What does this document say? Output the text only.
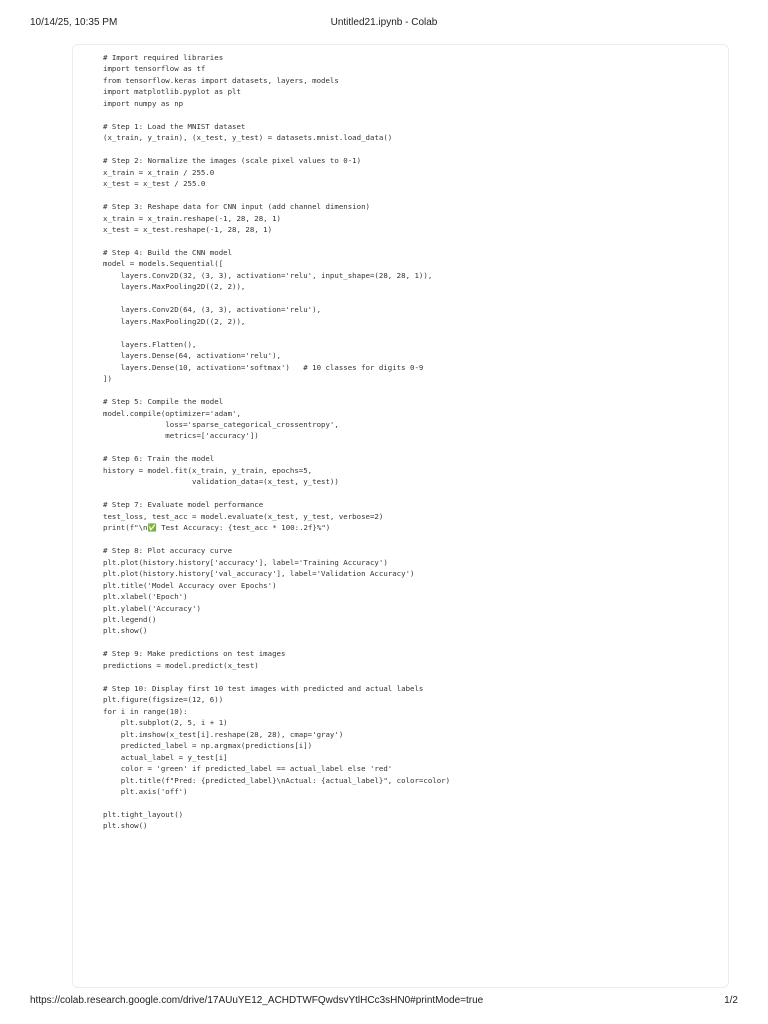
10/14/25, 10:35 PM	Untitled21.ipynb - Colab
# Import required libraries
import tensorflow as tf
from tensorflow.keras import datasets, layers, models
import matplotlib.pyplot as plt
import numpy as np

# Step 1: Load the MNIST dataset
(x_train, y_train), (x_test, y_test) = datasets.mnist.load_data()

# Step 2: Normalize the images (scale pixel values to 0-1)
x_train = x_train / 255.0
x_test = x_test / 255.0

# Step 3: Reshape data for CNN input (add channel dimension)
x_train = x_train.reshape(-1, 28, 28, 1)
x_test = x_test.reshape(-1, 28, 28, 1)

# Step 4: Build the CNN model
model = models.Sequential([
layers.Conv2D(32, (3, 3), activation='relu', input_shape=(28, 28, 1)),
layers.MaxPooling2D((2, 2)),

layers.Conv2D(64, (3, 3), activation='relu'),
layers.MaxPooling2D((2, 2)),

layers.Flatten(),
layers.Dense(64, activation='relu'),
layers.Dense(10, activation='softmax')   # 10 classes for digits 0-9
])

# Step 5: Compile the model
model.compile(optimizer='adam',
loss='sparse_categorical_crossentropy',
metrics=['accuracy'])

# Step 6: Train the model
history = model.fit(x_train, y_train, epochs=5,
validation_data=(x_test, y_test))

# Step 7: Evaluate model performance
test_loss, test_acc = model.evaluate(x_test, y_test, verbose=2)
print(f"\n✅ Test Accuracy: {test_acc * 100:.2f}%")

# Step 8: Plot accuracy curve
plt.plot(history.history['accuracy'], label='Training Accuracy')
plt.plot(history.history['val_accuracy'], label='Validation Accuracy')
plt.title('Model Accuracy over Epochs')
plt.xlabel('Epoch')
plt.ylabel('Accuracy')
plt.legend()
plt.show()

# Step 9: Make predictions on test images
predictions = model.predict(x_test)

# Step 10: Display first 10 test images with predicted and actual labels
plt.figure(figsize=(12, 6))
for i in range(10):
plt.subplot(2, 5, i + 1)
plt.imshow(x_test[i].reshape(28, 28), cmap='gray')
predicted_label = np.argmax(predictions[i])
actual_label = y_test[i]
color = 'green' if predicted_label == actual_label else 'red'
plt.title(f"Pred: {predicted_label}\nActual: {actual_label}", color=color)
plt.axis('off')

plt.tight_layout()
plt.show()
https://colab.research.google.com/drive/17AUuYE12_ACHDTWFQwdsvYtlHCc3sHN0#printMode=true	1/2
